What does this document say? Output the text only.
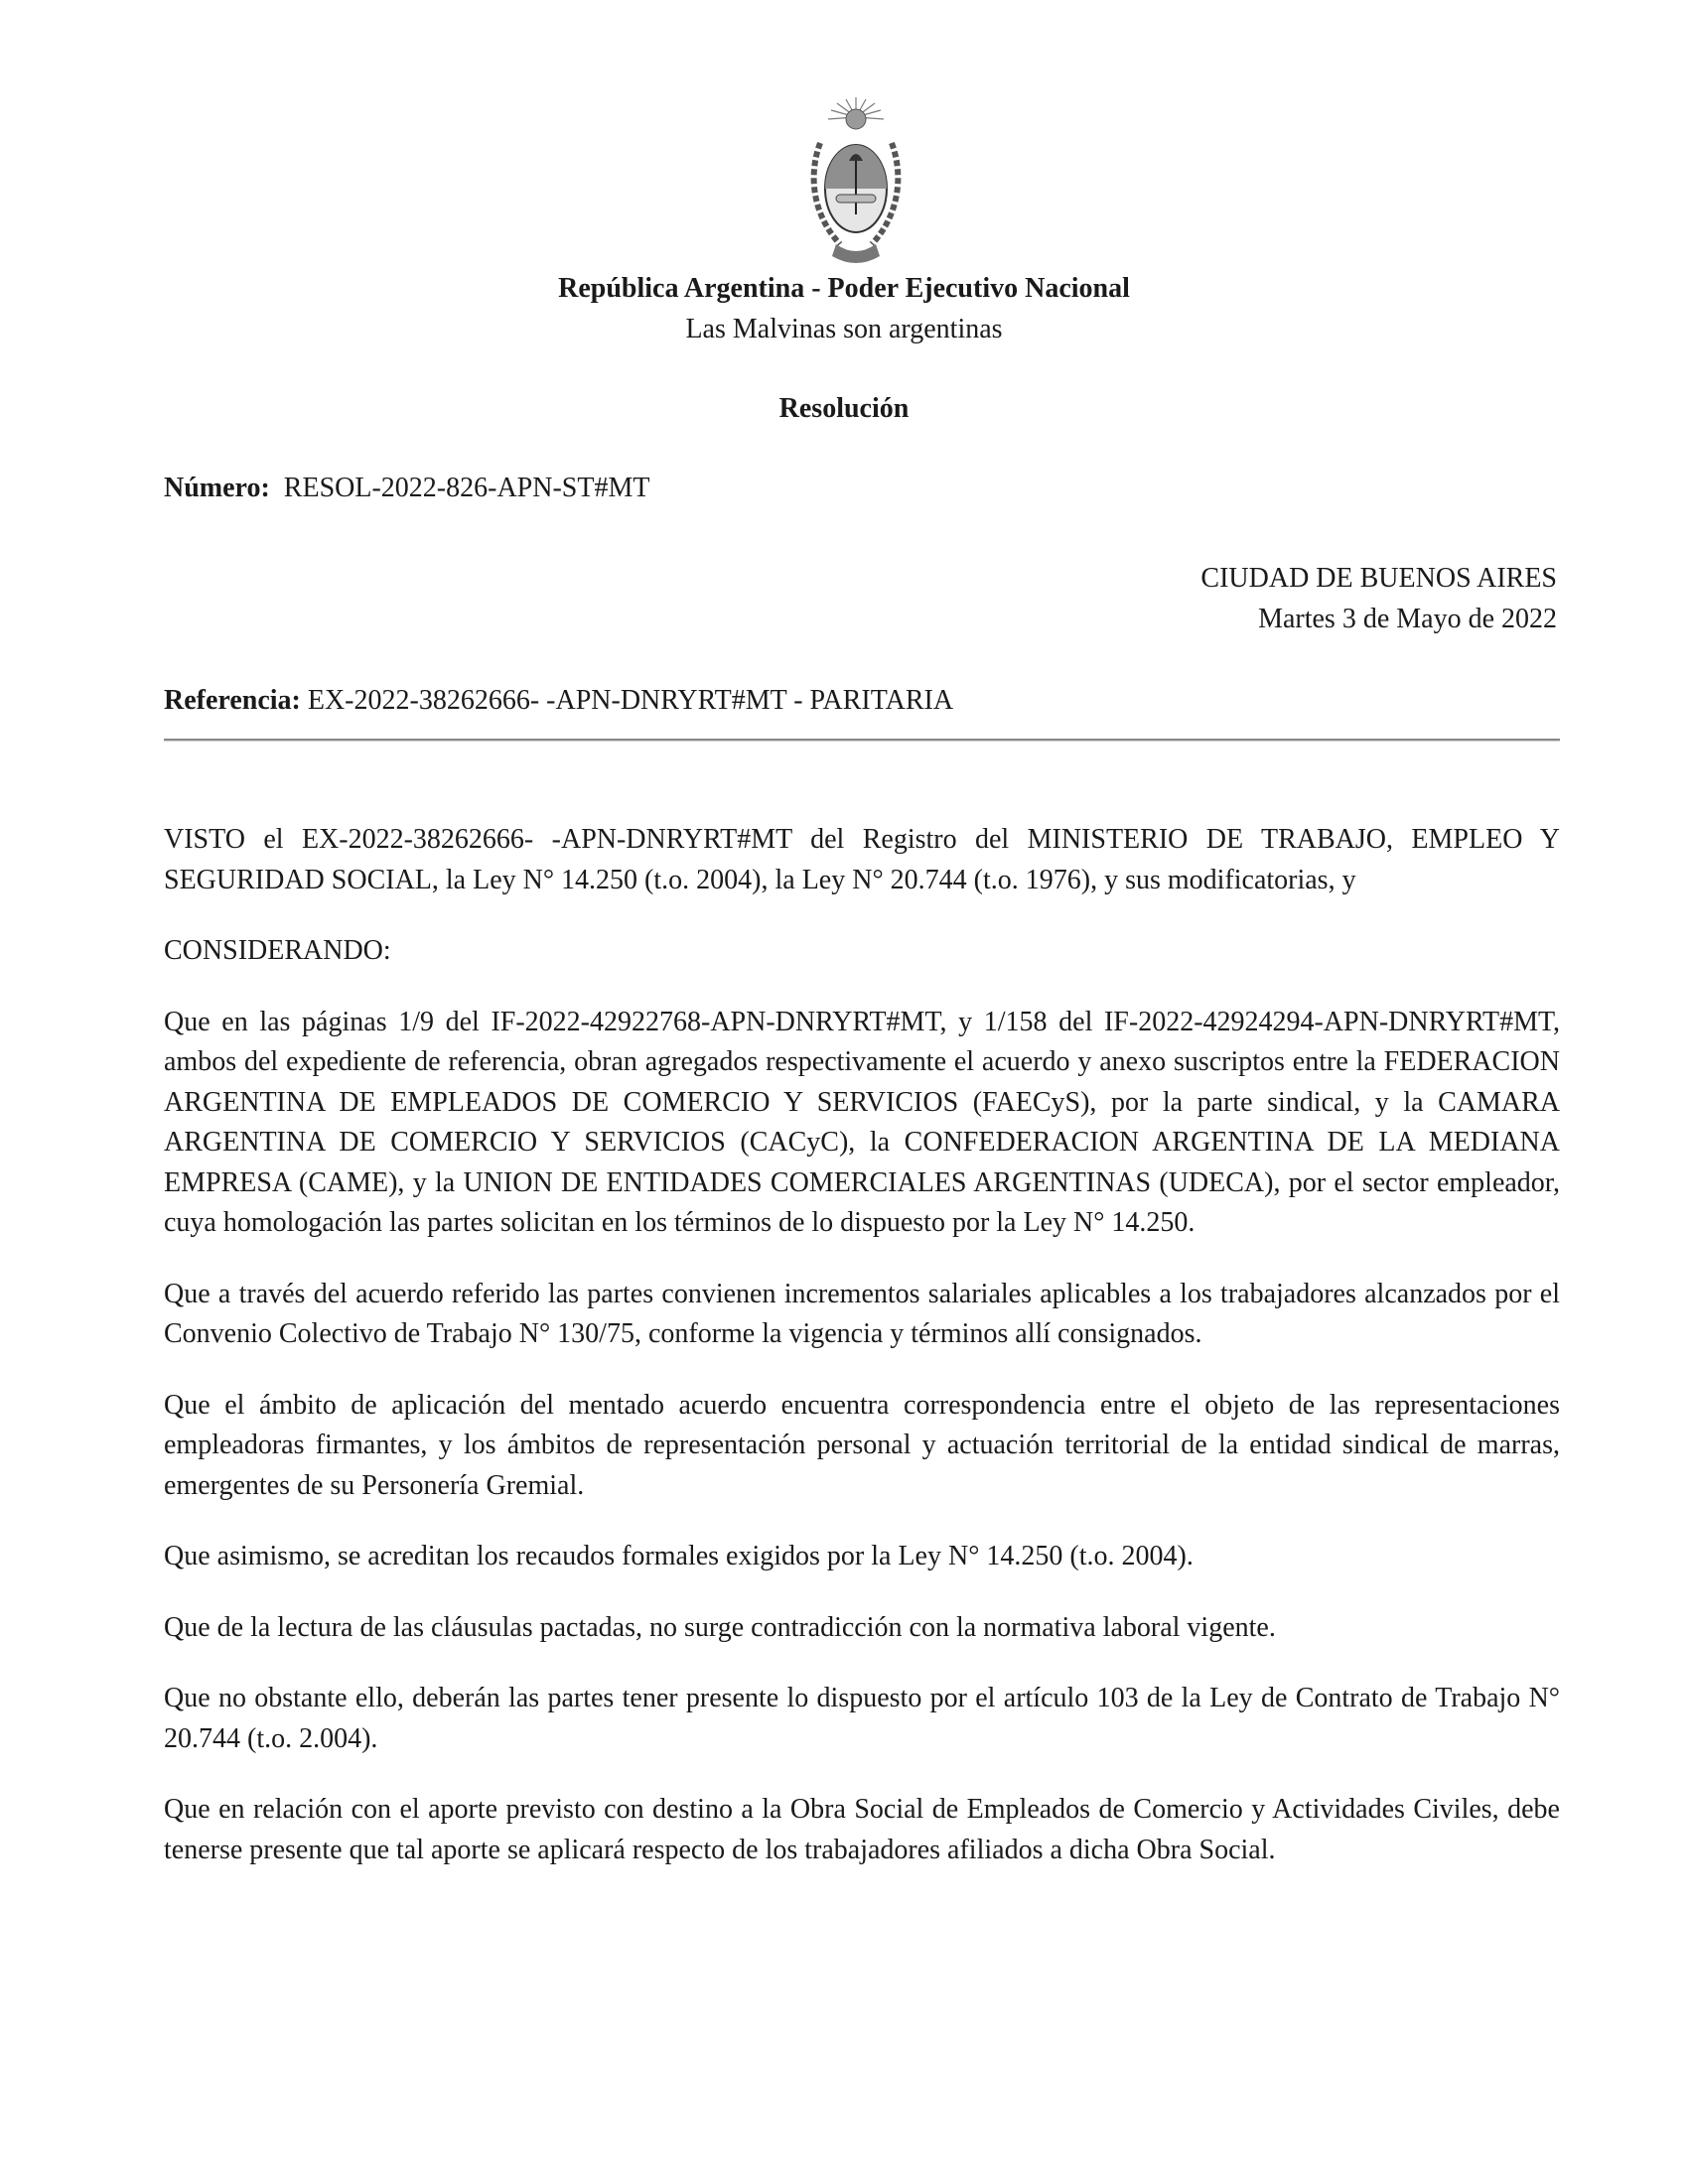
República Argentina - Poder Ejecutivo Nacional
Las Malvinas son argentinas
Resolución
Número: RESOL-2022-826-APN-ST#MT
CIUDAD DE BUENOS AIRES
Martes 3 de Mayo de 2022
Referencia: EX-2022-38262666- -APN-DNRYRT#MT - PARITARIA

VISTO el EX-2022-38262666- -APN-DNRYRT#MT del Registro del MINISTERIO DE TRABAJO, EMPLEO Y SEGURIDAD SOCIAL, la Ley N° 14.250 (t.o. 2004), la Ley N° 20.744 (t.o. 1976), y sus modificatorias, y

CONSIDERANDO:

Que en las páginas 1/9 del IF-2022-42922768-APN-DNRYRT#MT, y 1/158 del IF-2022-42924294-APN-DNRYRT#MT, ambos del expediente de referencia, obran agregados respectivamente el acuerdo y anexo suscriptos entre la FEDERACION ARGENTINA DE EMPLEADOS DE COMERCIO Y SERVICIOS (FAECyS), por la parte sindical, y la CAMARA ARGENTINA DE COMERCIO Y SERVICIOS (CACyC), la CONFEDERACION ARGENTINA DE LA MEDIANA EMPRESA (CAME), y la UNION DE ENTIDADES COMERCIALES ARGENTINAS (UDECA), por el sector empleador, cuya homologación las partes solicitan en los términos de lo dispuesto por la Ley N° 14.250.

Que a través del acuerdo referido las partes convienen incrementos salariales aplicables a los trabajadores alcanzados por el Convenio Colectivo de Trabajo N° 130/75, conforme la vigencia y términos allí consignados.

Que el ámbito de aplicación del mentado acuerdo encuentra correspondencia entre el objeto de las representaciones empleadoras firmantes, y los ámbitos de representación personal y actuación territorial de la entidad sindical de marras, emergentes de su Personería Gremial.

Que asimismo, se acreditan los recaudos formales exigidos por la Ley N° 14.250 (t.o. 2004).

Que de la lectura de las cláusulas pactadas, no surge contradicción con la normativa laboral vigente.

Que no obstante ello, deberán las partes tener presente lo dispuesto por el artículo 103 de la Ley de Contrato de Trabajo N° 20.744 (t.o. 2.004).

Que en relación con el aporte previsto con destino a la Obra Social de Empleados de Comercio y Actividades Civiles, debe tenerse presente que tal aporte se aplicará respecto de los trabajadores afiliados a dicha Obra Social.
